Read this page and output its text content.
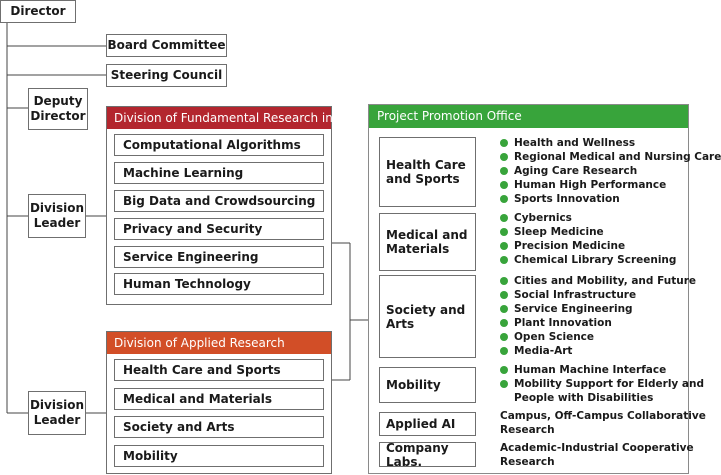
Director
Board Committee
Steering Council
Deputy
Director
Division
Leader
Division
Leader
Division of Fundamental Research in AI
Computational Algorithms
Machine Learning
Big Data and Crowdsourcing
Privacy and Security
Service Engineering
Human Technology
Division of Applied Research
Health Care and Sports
Medical and Materials
Society and Arts
Mobility
Project Promotion Office
Health Care
and Sports
Health and Wellness
Regional Medical and Nursing Care
Aging Care Research
Human High Performance
Sports Innovation
Medical and
Materials
Cybernics
Sleep Medicine
Precision Medicine
Chemical Library Screening
Society and
Arts
Cities and Mobility, and Future
Social Infrastructure
Service Engineering
Plant Innovation
Open Science
Media-Art
Mobility
Human Machine Interface
Mobility Support for Elderly and
People with Disabilities
Applied AI
Campus, Off-Campus Collaborative
Research
Company Labs.
Academic-Industrial Cooperative
Research
